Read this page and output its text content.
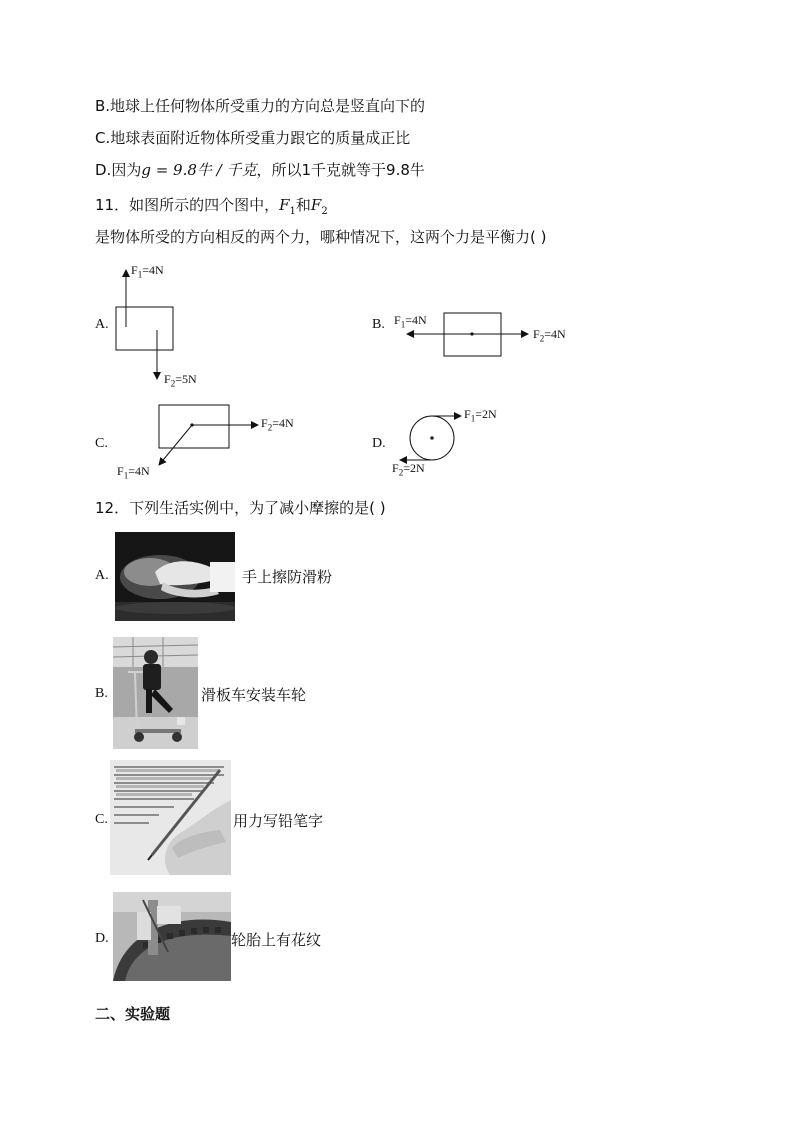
B.地球上任何物体所受重力的方向总是竖直向下的
C.地球表面附近物体所受重力跟它的质量成正比
D.因为g = 9.8牛 / 千克，所以1千克就等于9.8牛
11．如图所示的四个图中，$F_1$和$F_2$
是物体所受的方向相反的两个力，哪种情况下，这两个力是平衡力( )
A.	B.
C.	D.
$F_1=4N$
$F_2=5N$
$F_1=4N$
$F_2=4N$
$F_1=4N$
$F_2=4N$
$F_1=2N$
$F_2=2N$
12．下列生活实例中，为了减小摩擦的是( )
A.	手上擦防滑粉
B.	滑板车安装车轮
C.	用力写铅笔字
D.	轮胎上有花纹
二、实验题
